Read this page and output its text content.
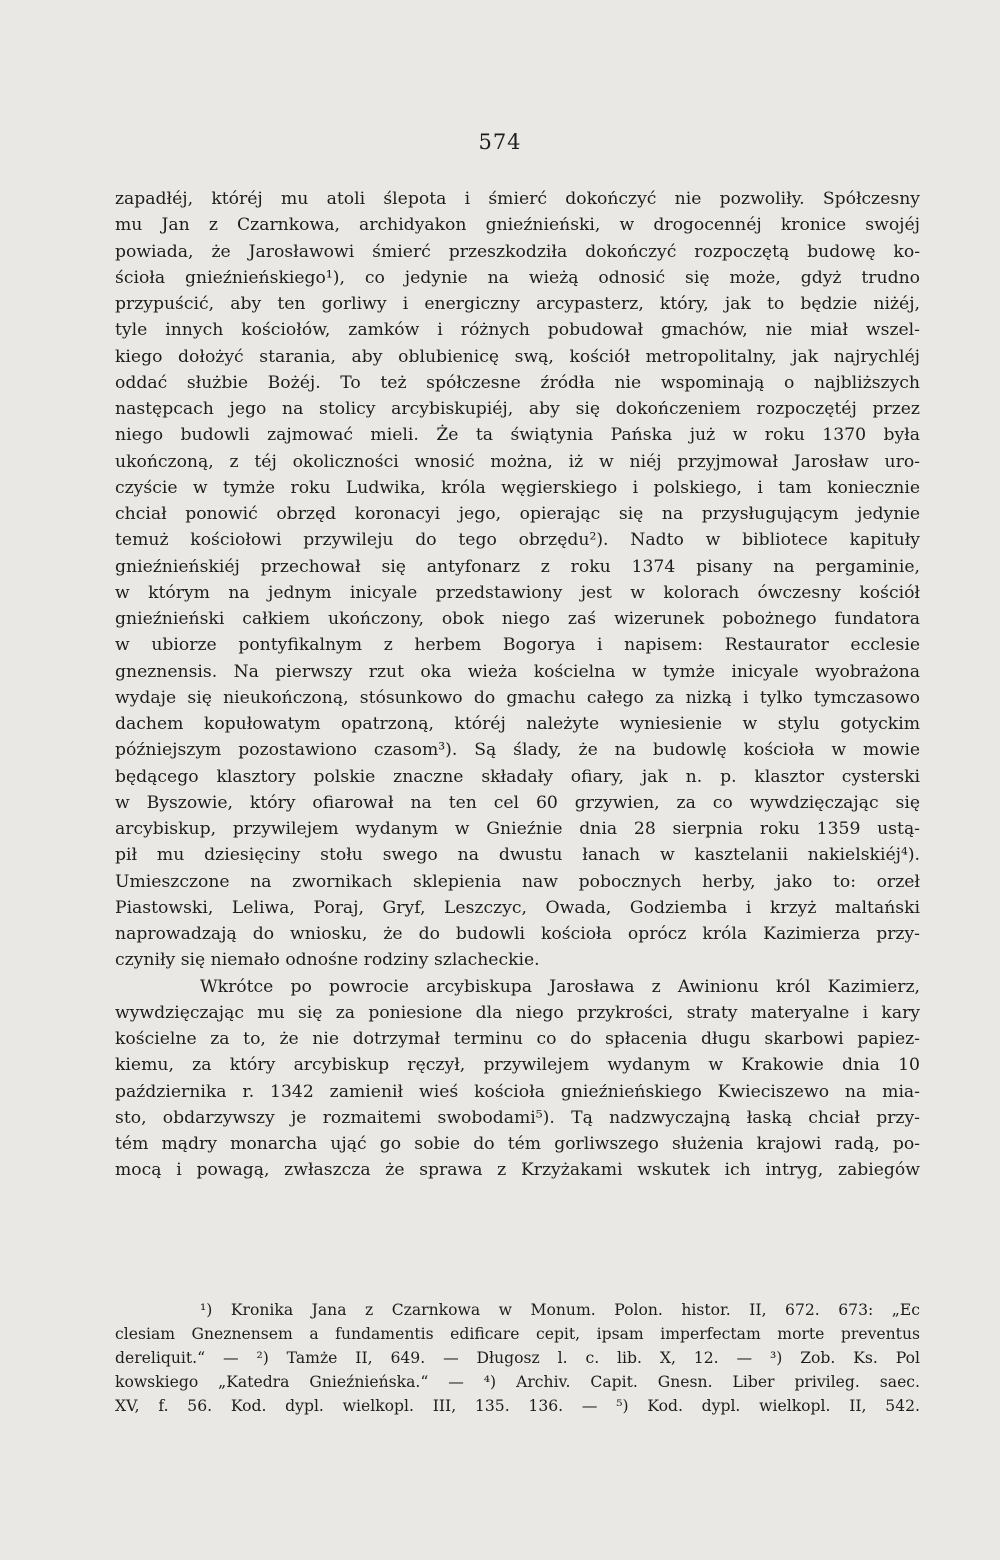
574
zapadłéj, któréj mu atoli ślepota i śmierć dokończyć nie pozwoliły. Spółczesny
mu Jan z Czarnkowa, archidyakon gnieźnieński, w drogocennéj kronice swojéj
powiada, że Jarosławowi śmierć przeszkodziła dokończyć rozpoczętą budowę ko-
ścioła gnieźnieńskiego¹), co jedynie na wieżą odnosić się może, gdyż trudno
przypuścić, aby ten gorliwy i energiczny arcypasterz, który, jak to będzie niżéj,
tyle innych kościołów, zamków i różnych pobudował gmachów, nie miał wszel-
kiego dołożyć starania, aby oblubienicę swą, kościół metropolitalny, jak najrychléj
oddać służbie Bożéj. To też spółczesne źródła nie wspominają o najbliższych
następcach jego na stolicy arcybiskupiéj, aby się dokończeniem rozpoczętéj przez
niego budowli zajmować mieli. Że ta świątynia Pańska już w roku 1370 była
ukończoną, z téj okoliczności wnosić można, iż w niéj przyjmował Jarosław uro-
czyście w tymże roku Ludwika, króla węgierskiego i polskiego, i tam koniecznie
chciał ponowić obrzęd koronacyi jego, opierając się na przysługującym jedynie
temuż kościołowi przywileju do tego obrzędu²). Nadto w bibliotece kapituły
gnieźnieńskiéj przechował się antyfonarz z roku 1374 pisany na pergaminie,
w którym na jednym inicyale przedstawiony jest w kolorach ówczesny kościół
gnieźnieński całkiem ukończony, obok niego zaś wizerunek pobożnego fundatora
w ubiorze pontyfikalnym z herbem Bogorya i napisem: Restaurator ecclesie
gneznensis. Na pierwszy rzut oka wieża kościelna w tymże inicyale wyobrażona
wydaje się nieukończoną, stósunkowo do gmachu całego za nizką i tylko tymczasowo
dachem kopułowatym opatrzoną, któréj należyte wyniesienie w stylu gotyckim
późniejszym pozostawiono czasom³). Są ślady, że na budowlę kościoła w mowie
będącego klasztory polskie znaczne składały ofiary, jak n. p. klasztor cysterski
w Byszowie, który ofiarował na ten cel 60 grzywien, za co wywdzięczając się
arcybiskup, przywilejem wydanym w Gnieźnie dnia 28 sierpnia roku 1359 ustą-
pił mu dziesięciny stołu swego na dwustu łanach w kasztelanii nakielskiéj⁴).
Umieszczone na zwornikach sklepienia naw pobocznych herby, jako to: orzeł
Piastowski, Leliwa, Poraj, Gryf, Leszczyc, Owada, Godziemba i krzyż maltański
naprowadzają do wniosku, że do budowli kościoła oprócz króla Kazimierza przy-
czyniły się niemało odnośne rodziny szlacheckie.
Wkrótce po powrocie arcybiskupa Jarosława z Awinionu król Kazimierz,
wywdzięczając mu się za poniesione dla niego przykrości, straty materyalne i kary
kościelne za to, że nie dotrzymał terminu co do spłacenia długu skarbowi papiez-
kiemu, za który arcybiskup ręczył, przywilejem wydanym w Krakowie dnia 10
października r. 1342 zamienił wieś kościoła gnieźnieńskiego Kwieciszewo na mia-
sto, obdarzywszy je rozmaitemi swobodami⁵). Tą nadzwyczajną łaską chciał przy-
tém mądry monarcha ująć go sobie do tém gorliwszego służenia krajowi radą, po-
mocą i powagą, zwłaszcza że sprawa z Krzyżakami wskutek ich intryg, zabiegów
¹) Kronika Jana z Czarnkowa w Monum. Polon. histor. II, 672. 673: „Ec
clesiam Gneznensem a fundamentis edificare cepit, ipsam imperfectam morte preventus
dereliquit.“ — ²) Tamże II, 649. — Długosz l. c. lib. X, 12. — ³) Zob. Ks. Pol
kowskiego „Katedra Gnieźnieńska.“ — ⁴) Archiv. Capit. Gnesn. Liber privileg. saec.
XV, f. 56. Kod. dypl. wielkopl. III, 135. 136. — ⁵) Kod. dypl. wielkopl. II, 542.
